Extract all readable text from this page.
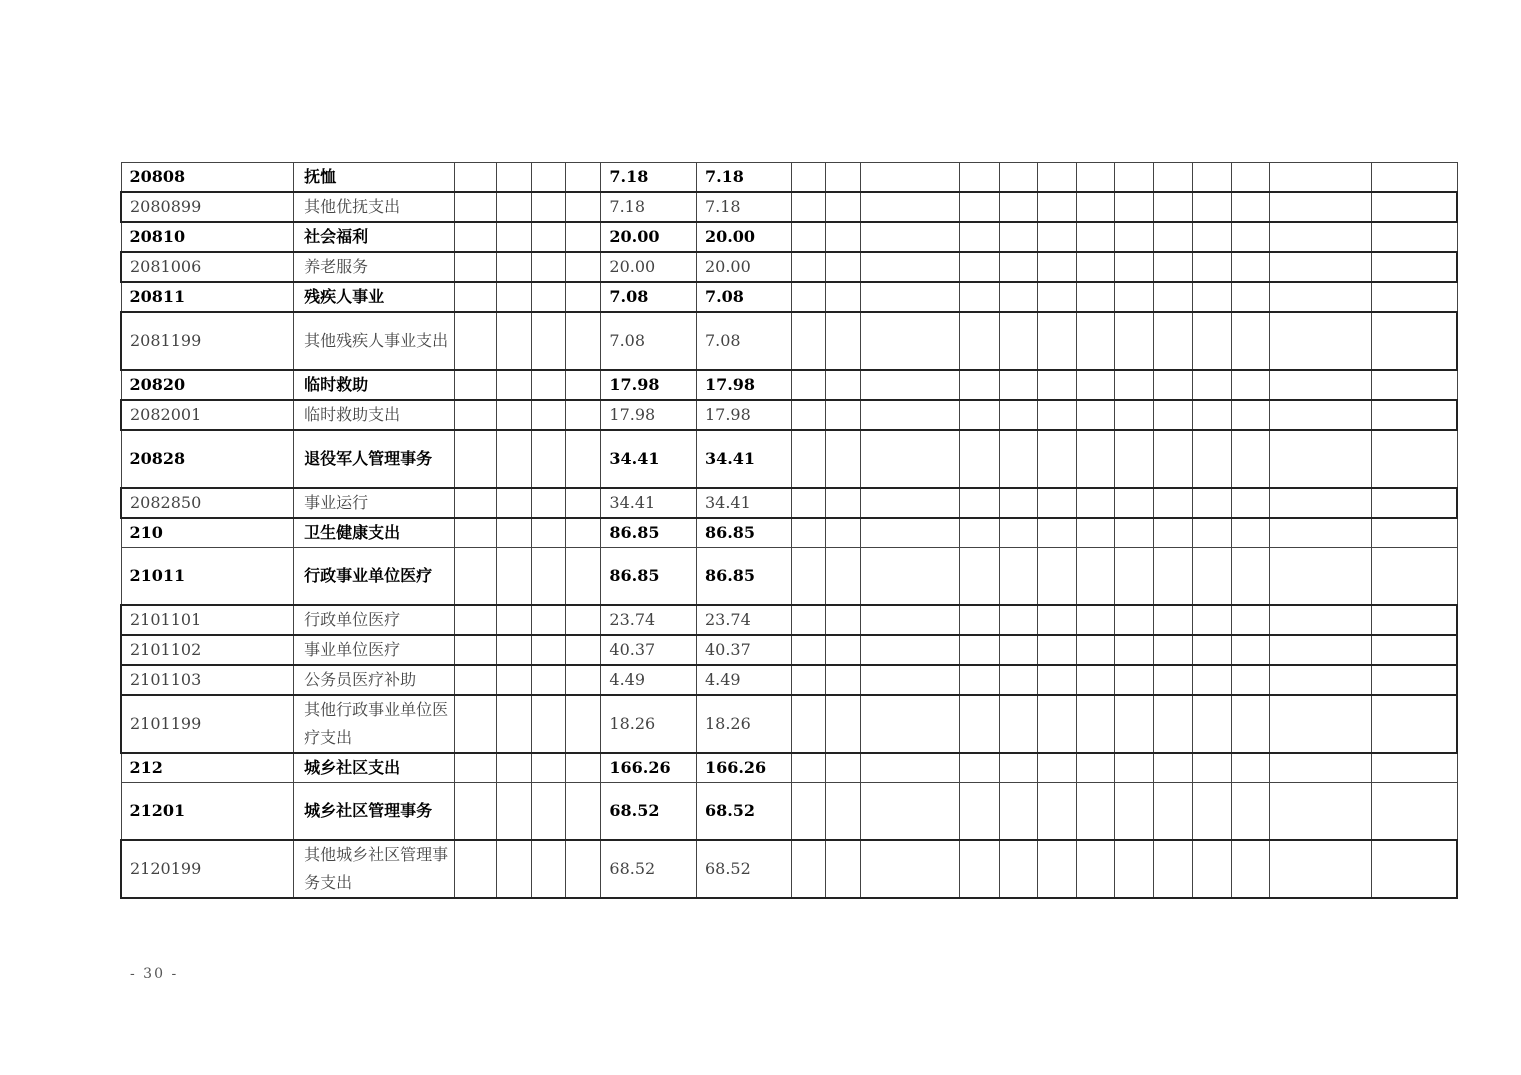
20808	抚恤					7.18	7.18													
2080899	其他优抚支出					7.18	7.18													
20810	社会福利					20.00	20.00													
2081006	养老服务					20.00	20.00													
20811	残疾人事业					7.08	7.08													
2081199	其他残疾人事业支出					7.08	7.08													
20820	临时救助					17.98	17.98													
2082001	临时救助支出					17.98	17.98													
20828	退役军人管理事务					34.41	34.41													
2082850	事业运行					34.41	34.41													
210	卫生健康支出					86.85	86.85													
21011	行政事业单位医疗					86.85	86.85													
2101101	行政单位医疗					23.74	23.74													
2101102	事业单位医疗					40.37	40.37													
2101103	公务员医疗补助					4.49	4.49													
2101199	其他行政事业单位医疗支出					18.26	18.26													
212	城乡社区支出					166.26	166.26													
21201	城乡社区管理事务					68.52	68.52													
2120199	其他城乡社区管理事务支出					68.52	68.52													
- 30 -
